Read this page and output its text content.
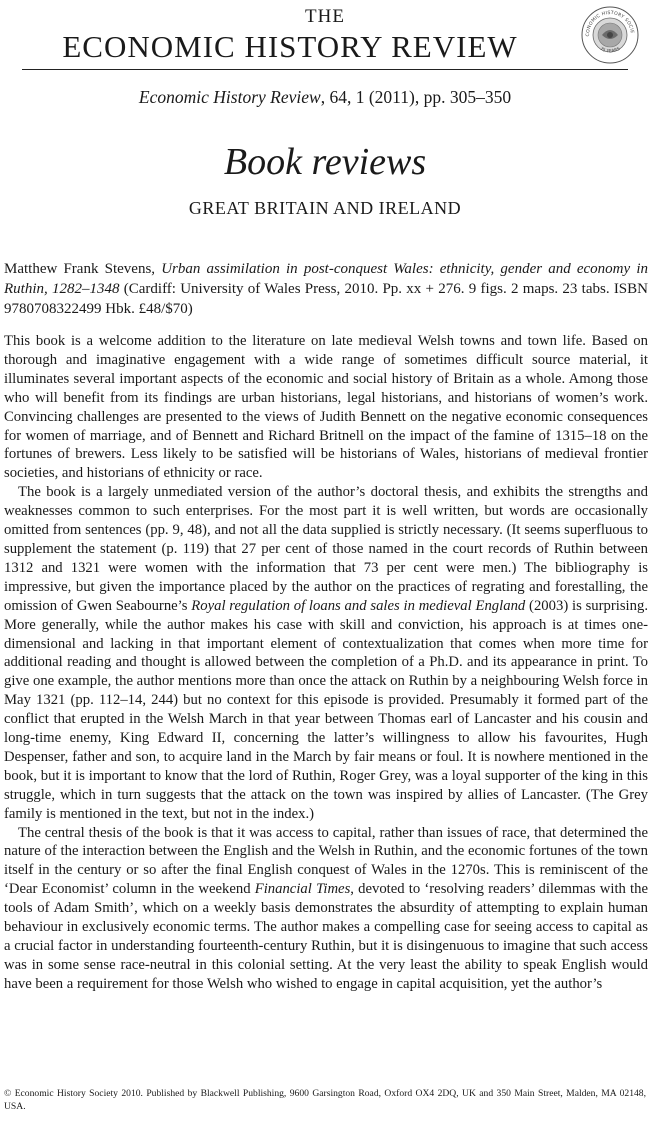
THE
ECONOMIC HISTORY REVIEW	CONOMIC HISTORY SOCIE
75 YEARS
Economic History Review, 64, 1 (2011), pp. 305–350
Book reviews
GREAT BRITAIN AND IRELAND
Matthew Frank Stevens, Urban assimilation in post-conquest Wales: ethnicity, gender and economy in Ruthin, 1282–1348 (Cardiff: University of Wales Press, 2010. Pp. xx + 276. 9 figs. 2 maps. 23 tabs. ISBN 9780708322499 Hbk. £48/$70)

This book is a welcome addition to the literature on late medieval Welsh towns and town life. Based on thorough and imaginative engagement with a wide range of sometimes difficult source material, it illuminates several important aspects of the economic and social history of Britain as a whole. Among those who will benefit from its findings are urban historians, legal historians, and historians of women’s work. Convincing challenges are presented to the views of Judith Bennett on the negative economic consequences for women of marriage, and of Bennett and Richard Britnell on the impact of the famine of 1315–18 on the fortunes of brewers. Less likely to be satisfied will be historians of Wales, historians of medieval frontier societies, and historians of ethnicity or race.

The book is a largely unmediated version of the author’s doctoral thesis, and exhibits the strengths and weaknesses common to such enterprises. For the most part it is well written, but words are occasionally omitted from sentences (pp. 9, 48), and not all the data supplied is strictly necessary. (It seems superfluous to supplement the statement (p. 119) that 27 per cent of those named in the court records of Ruthin between 1312 and 1321 were women with the information that 73 per cent were men.) The bibliography is impressive, but given the importance placed by the author on the practices of regrating and forestalling, the omission of Gwen Seabourne’s Royal regulation of loans and sales in medieval England (2003) is surprising. More generally, while the author makes his case with skill and conviction, his approach is at times one-dimensional and lacking in that important element of contextualization that comes when more time for additional reading and thought is allowed between the completion of a Ph.D. and its appearance in print. To give one example, the author mentions more than once the attack on Ruthin by a neighbouring Welsh force in May 1321 (pp. 112–14, 244) but no context for this episode is provided. Presumably it formed part of the conflict that erupted in the Welsh March in that year between Thomas earl of Lancaster and his cousin and long-time enemy, King Edward II, concerning the latter’s willingness to allow his favourites, Hugh Despenser, father and son, to acquire land in the March by fair means or foul. It is nowhere mentioned in the book, but it is important to know that the lord of Ruthin, Roger Grey, was a loyal supporter of the king in this struggle, which in turn suggests that the attack on the town was inspired by allies of Lancaster. (The Grey family is mentioned in the text, but not in the index.)

The central thesis of the book is that it was access to capital, rather than issues of race, that determined the nature of the interaction between the English and the Welsh in Ruthin, and the economic fortunes of the town itself in the century or so after the final English conquest of Wales in the 1270s. This is reminiscent of the ‘Dear Economist’ column in the weekend Financial Times, devoted to ‘resolving readers’ dilemmas with the tools of Adam Smith’, which on a weekly basis demonstrates the absurdity of attempting to explain human behaviour in exclusively economic terms. The author makes a compelling case for seeing access to capital as a crucial factor in understanding fourteenth-century Ruthin, but it is disingenuous to imagine that such access was in some sense race-neutral in this colonial setting. At the very least the ability to speak English would have been a requirement for those Welsh who wished to engage in capital acquisition, yet the author’s

© Economic History Society 2010. Published by Blackwell Publishing, 9600 Garsington Road, Oxford OX4 2DQ, UK and 350 Main Street, Malden, MA 02148, USA.
